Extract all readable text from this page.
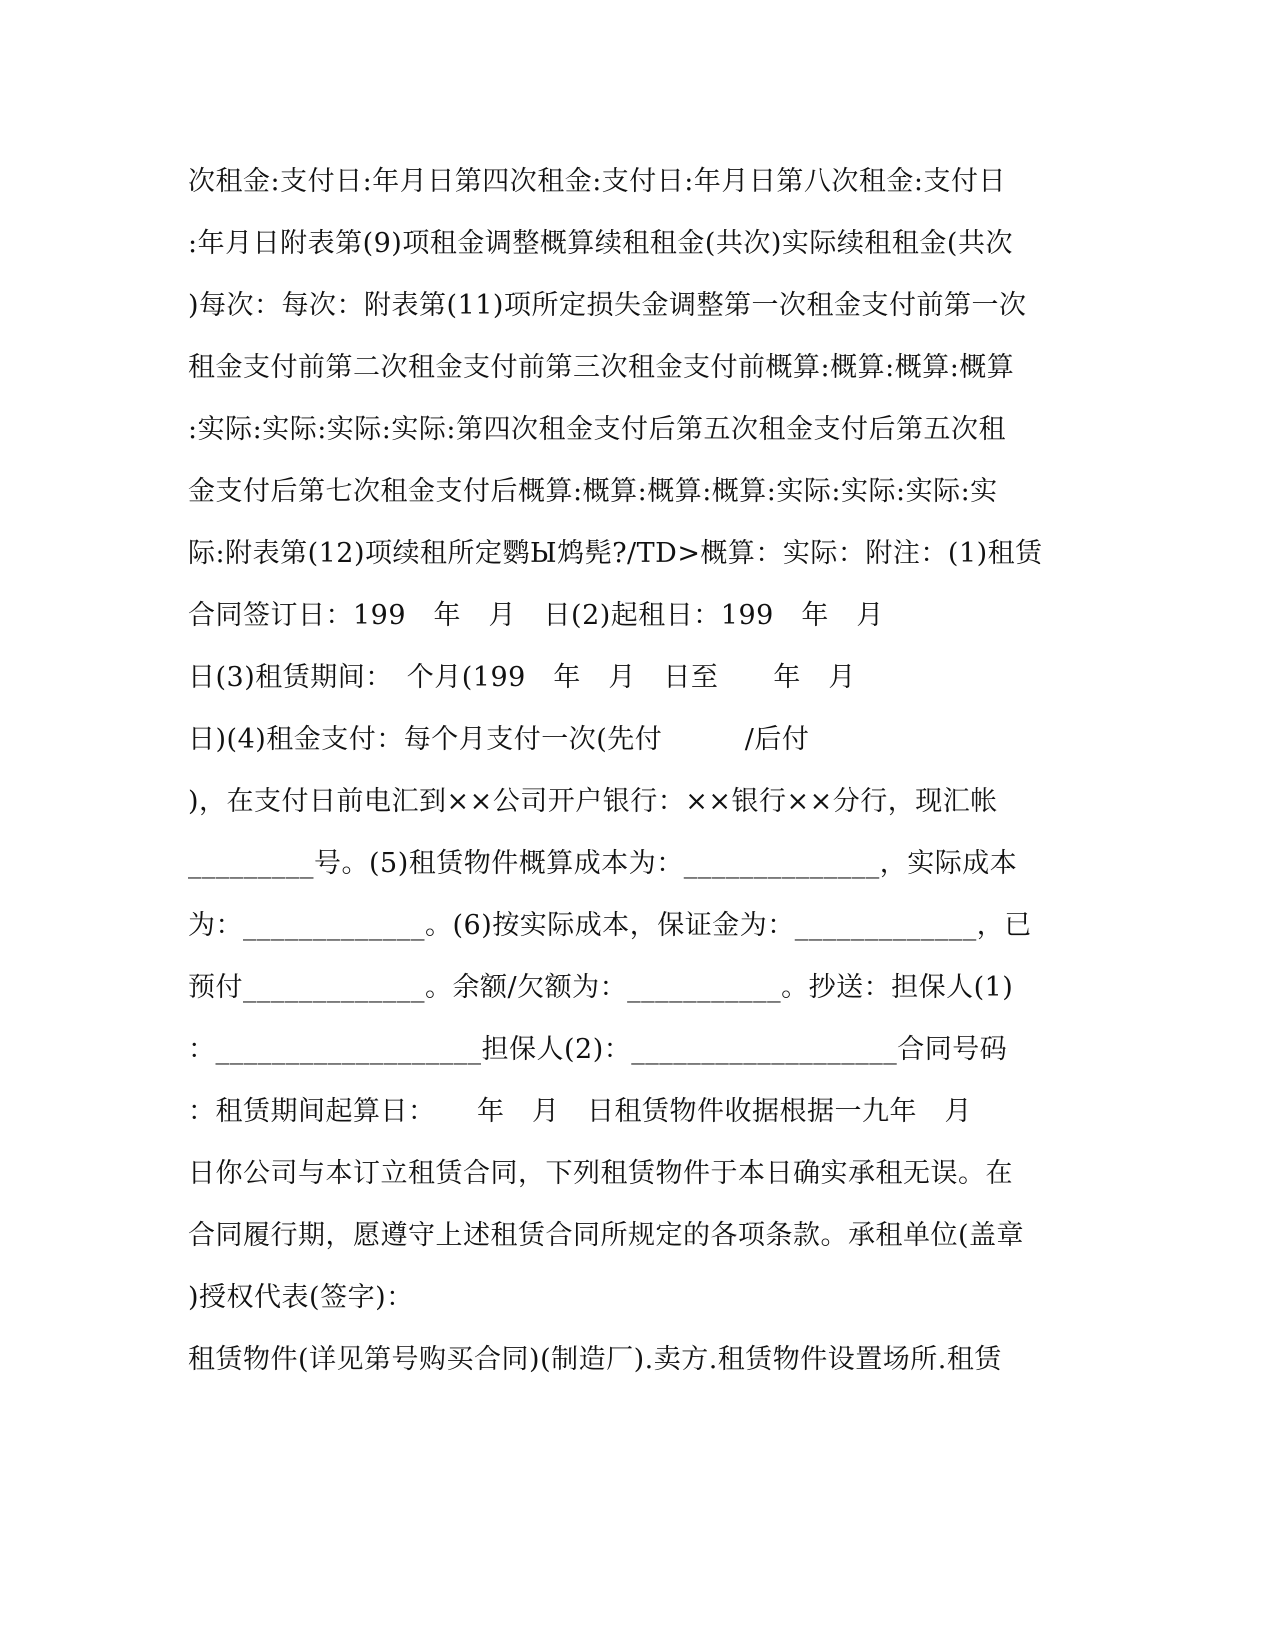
次租金:支付日:年月日第四次租金:支付日:年月日第八次租金:支付日

:年月日附表第(9)项租金调整概算续租租金(共次)实际续租租金(共次

)每次：每次：附表第(11)项所定损失金调整第一次租金支付前第一次

租金支付前第二次租金支付前第三次租金支付前概算:概算:概算:概算

:实际:实际:实际:实际:第四次租金支付后第五次租金支付后第五次租

金支付后第七次租金支付后概算:概算:概算:概算:实际:实际:实际:实

际:附表第(12)项续租所定鹦Ы鸩髡?/TD>概算：实际：附注：(1)租赁

合同签订日：199　年　月　日(2)起租日：199　年　月

日(3)租赁期间：　个月(199　年　月　日至　　年　月

日)(4)租金支付：每个月支付一次(先付　　　/后付

)，在支付日前电汇到××公司开户银行：××银行××分行，现汇帐

_________号。(5)租赁物件概算成本为：______________，实际成本

为：_____________。(6)按实际成本，保证金为：_____________，已

预付_____________。余额/欠额为：___________。抄送：担保人(1)

：___________________担保人(2)：___________________合同号码

：租赁期间起算日：　　年　月　日租赁物件收据根据一九年　月

日你公司与本订立租赁合同，下列租赁物件于本日确实承租无误。在

合同履行期，愿遵守上述租赁合同所规定的各项条款。承租单位(盖章

)授权代表(签字)：

租赁物件(详见第号购买合同)(制造厂).卖方.租赁物件设置场所.租赁
